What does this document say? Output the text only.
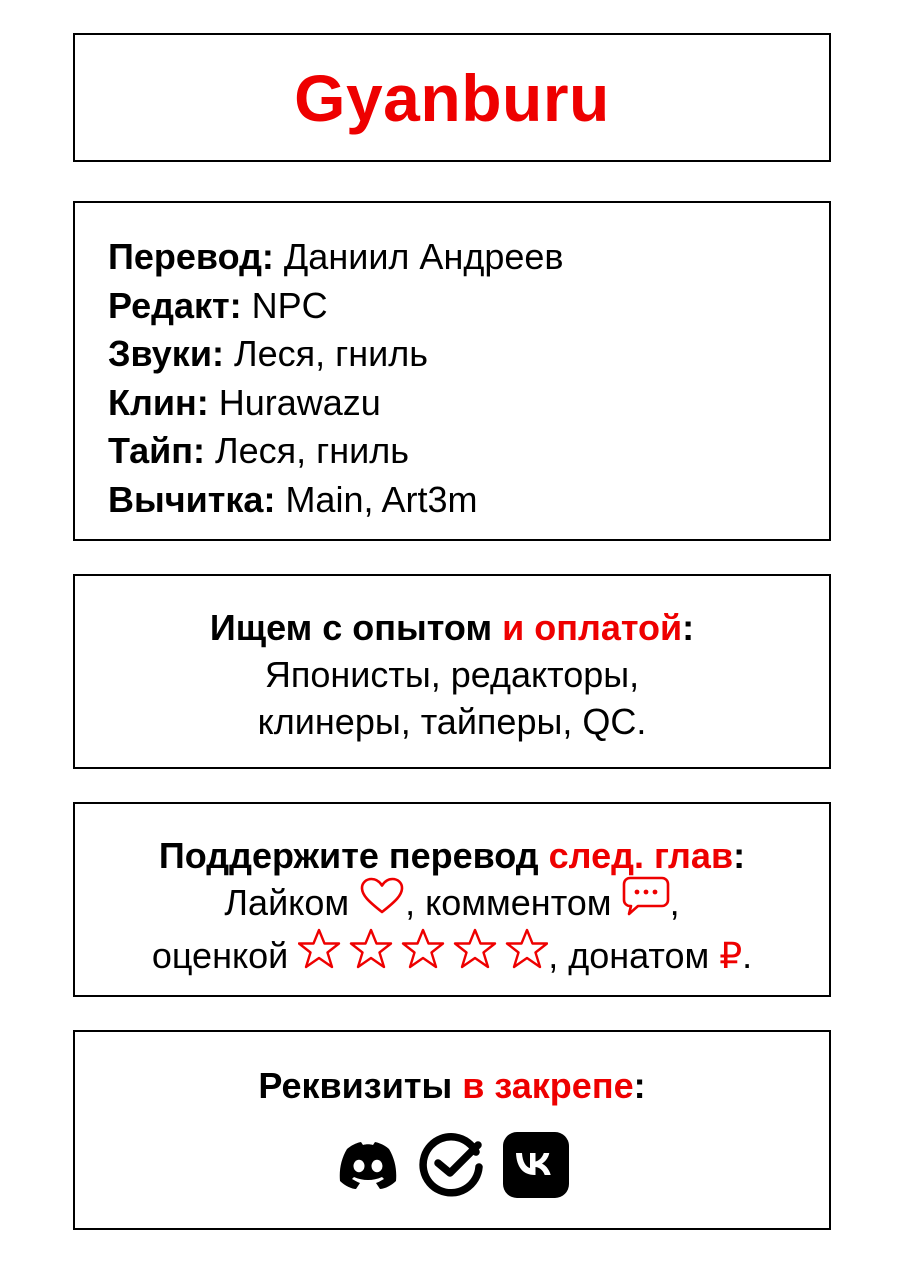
Gyanburu
Перевод: Даниил Андреев
Редакт: NPC
Звуки: Леся, гниль
Клин: Hurawazu
Тайп: Леся, гниль
Вычитка: Main, Art3m
Ищем с опытом и оплатой:
Японисты, редакторы,
клинеры, тайперы, QC.
Поддержите перевод след. глав:
Лайком , комментом ,
оценкой	, донатом ₽.
Реквизиты в закрепе:
